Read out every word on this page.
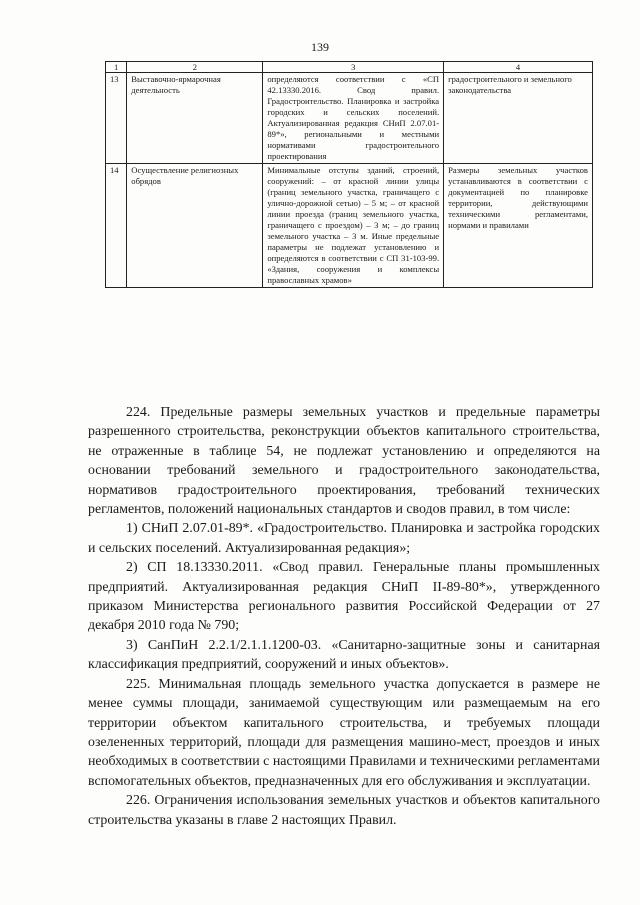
139
1	2	3	4
13	Выставочно-ярмарочная деятельность	определяются соответствии с «СП 42.13330.2016. Свод правил. Градостроительство. Планировка и застройка городских и сельских поселений. Актуализированная редакция СНиП 2.07.01-89*», региональными и местными нормативами градостроительного проектирования	градостроительного и земельного законодательства
14	Осуществление религиозных обрядов	Минимальные отступы зданий, строений, сооружений: – от красной линии улицы (границ земельного участка, граничащего с улично-дорожной сетью) – 5 м; – от красной линии проезда (границ земельного участка, граничащего с проездом) – 3 м; – до границ земельного участка – 3 м. Иные предельные параметры не подлежат установлению и определяются в соответствии с СП 31-103-99. «Здания, сооружения и комплексы православных храмов»	Размеры земельных участков устанавливаются в соответствии с документацией по планировке территории, действующими техническими регламентами, нормами и правилами

224. Предельные размеры земельных участков и предельные параметры разрешенного строительства, реконструкции объектов капитального строительства, не отраженные в таблице 54, не подлежат установлению и определяются на основании требований земельного и градостроительного законодательства, нормативов градостроительного проектирования, требований технических регламентов, положений национальных стандартов и сводов правил, в том числе:

1) СНиП 2.07.01-89*. «Градостроительство. Планировка и застройка городских и сельских поселений. Актуализированная редакция»;

2) СП 18.13330.2011. «Свод правил. Генеральные планы промышленных предприятий. Актуализированная редакция СНиП II-89-80*», утвержденного приказом Министерства регионального развития Российской Федерации от 27 декабря 2010 года № 790;

3) СанПиН 2.2.1/2.1.1.1200-03. «Санитарно-защитные зоны и санитарная классификация предприятий, сооружений и иных объектов».

225. Минимальная площадь земельного участка допускается в размере не менее суммы площади, занимаемой существующим или размещаемым на его территории объектом капитального строительства, и требуемых площади озелененных территорий, площади для размещения машино-мест, проездов и иных необходимых в соответствии с настоящими Правилами и техническими регламентами вспомогательных объектов, предназначенных для его обслуживания и эксплуатации.

226. Ограничения использования земельных участков и объектов капитального строительства указаны в главе 2 настоящих Правил.
